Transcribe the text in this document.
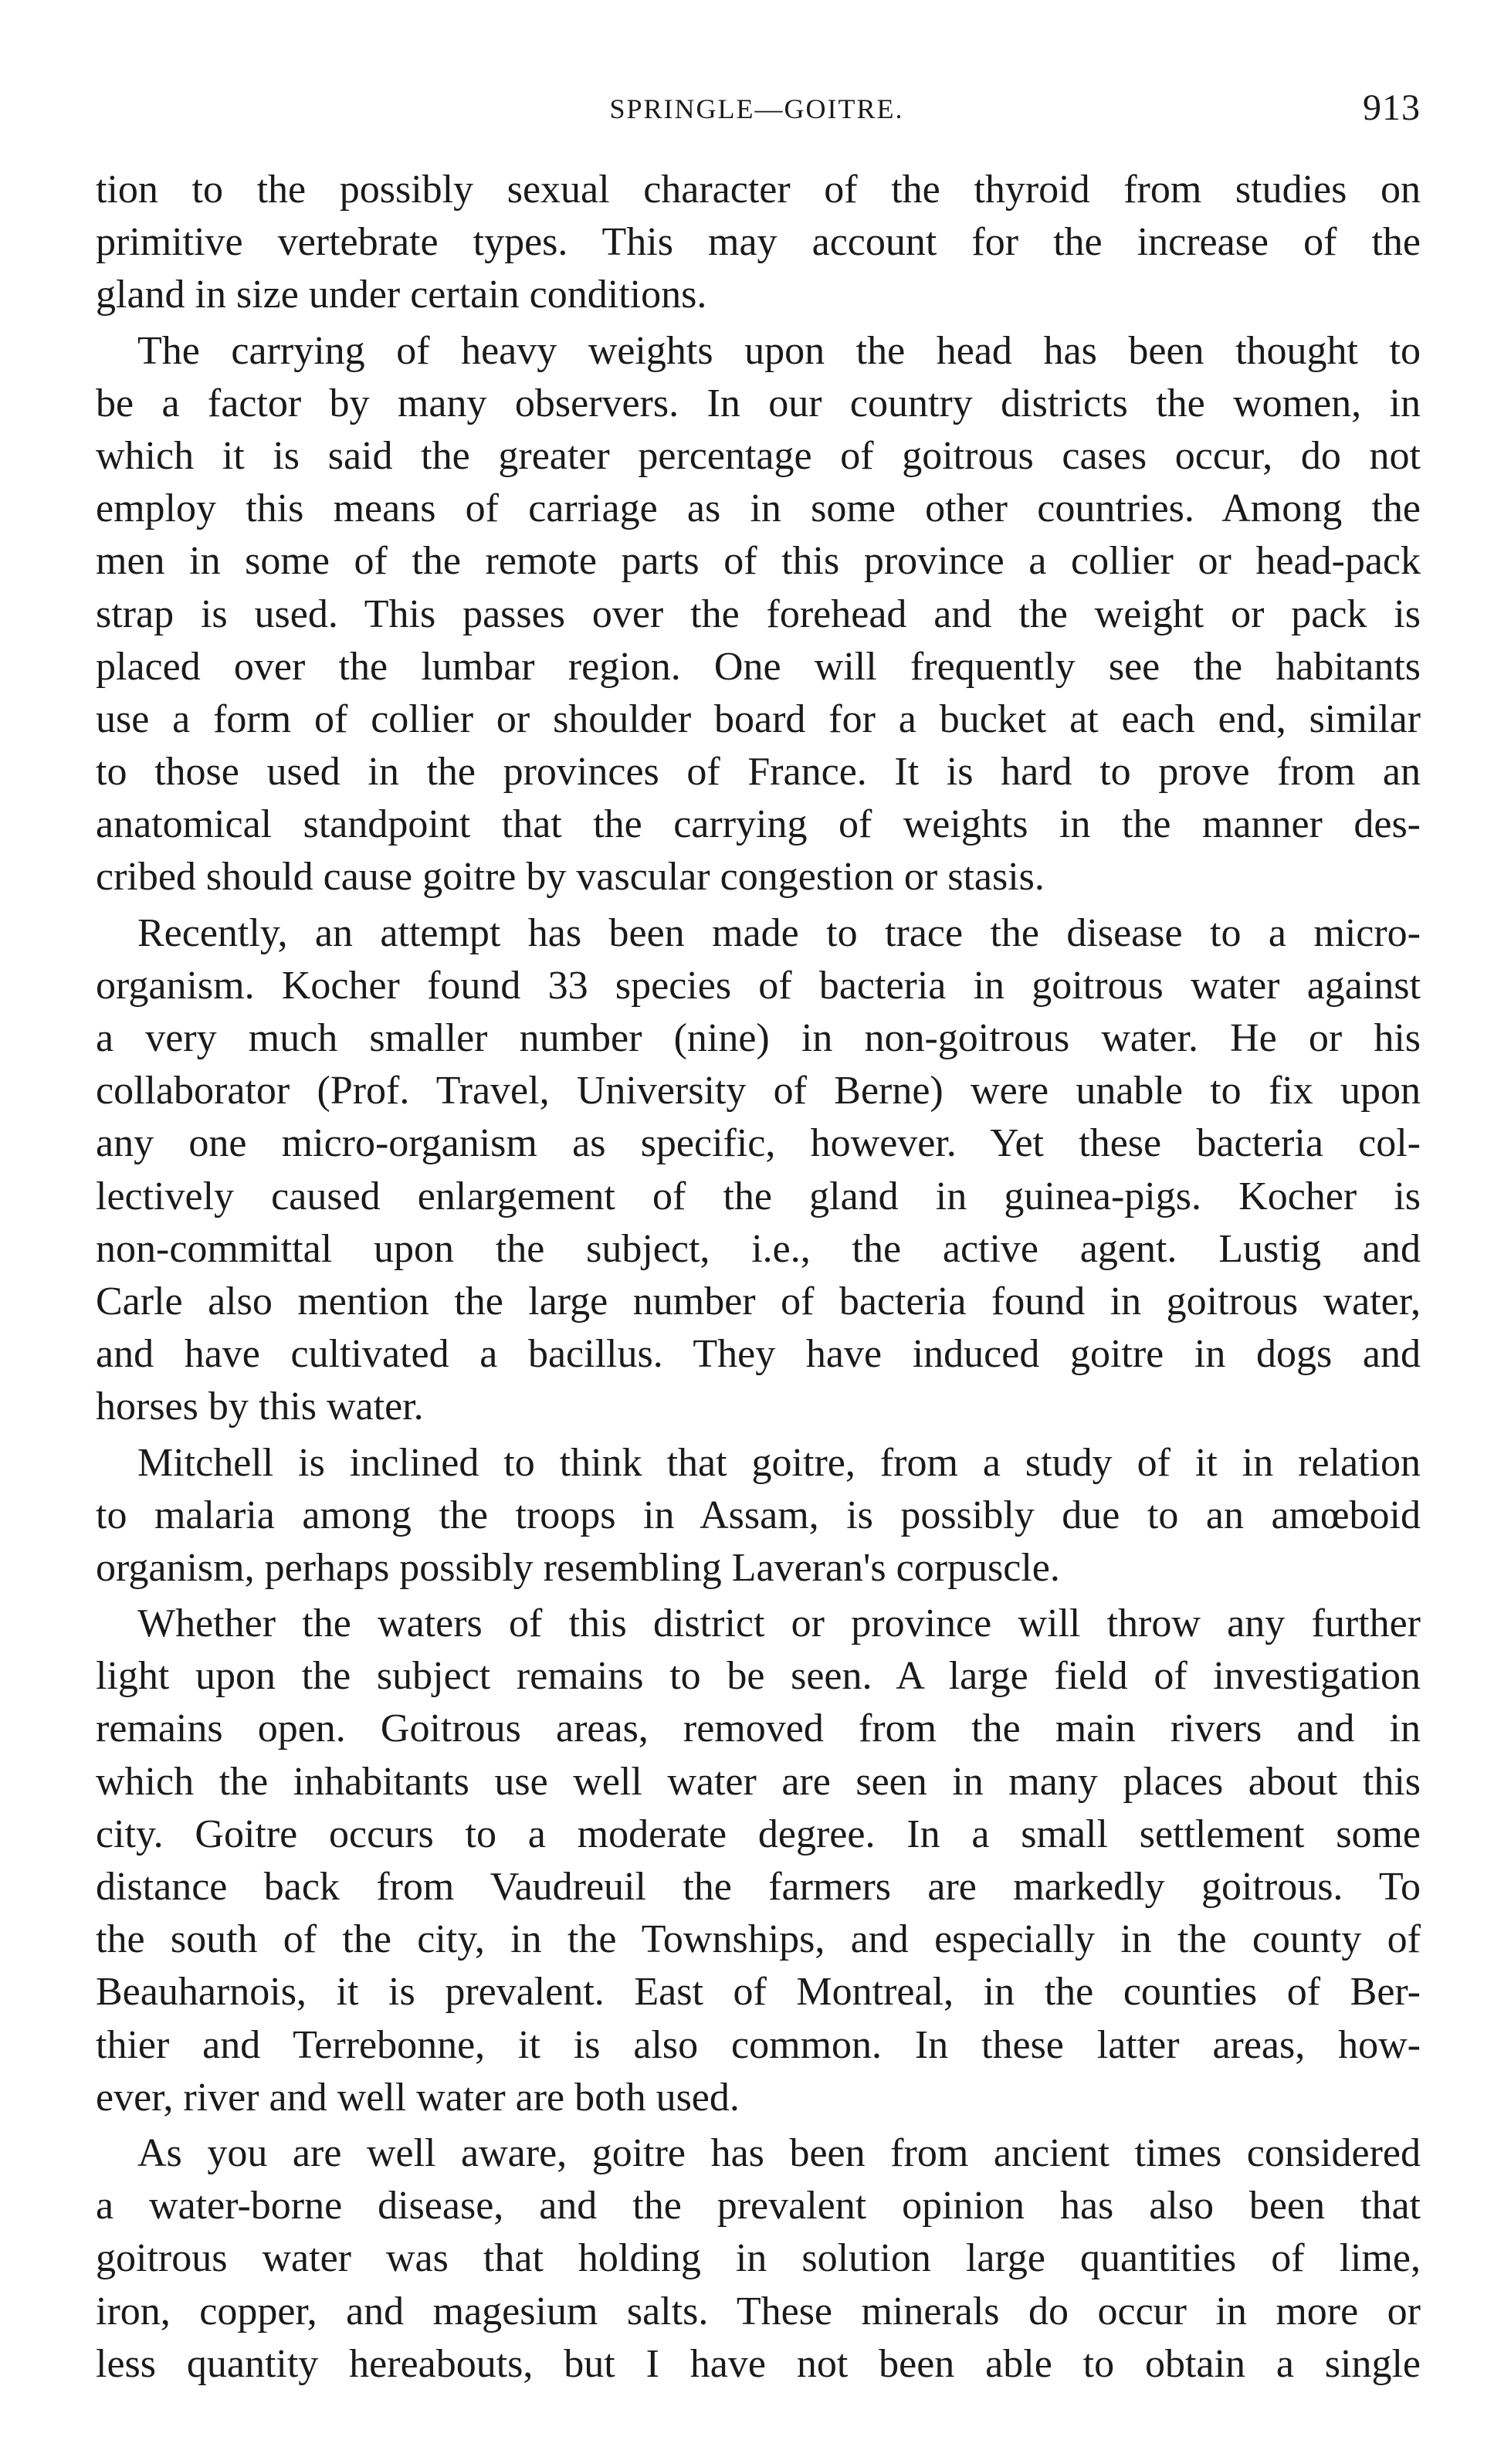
SPRINGLE—GOITRE.	913
tion to the possibly sexual character of the thyroid from studies on
primitive vertebrate types. This may account for the increase of the
gland in size under certain conditions.
The carrying of heavy weights upon the head has been thought to
be a factor by many observers. In our country districts the women, in
which it is said the greater percentage of goitrous cases occur, do not
employ this means of carriage as in some other countries. Among the
men in some of the remote parts of this province a collier or head-pack
strap is used. This passes over the forehead and the weight or pack is
placed over the lumbar region. One will frequently see the habitants
use a form of collier or shoulder board for a bucket at each end, similar
to those used in the provinces of France. It is hard to prove from an
anatomical standpoint that the carrying of weights in the manner des-
cribed should cause goitre by vascular congestion or stasis.
Recently, an attempt has been made to trace the disease to a micro-
organism. Kocher found 33 species of bacteria in goitrous water against
a very much smaller number (nine) in non-goitrous water. He or his
collaborator (Prof. Travel, University of Berne) were unable to fix upon
any one micro-organism as specific, however. Yet these bacteria col-
lectively caused enlargement of the gland in guinea-pigs. Kocher is
non-committal upon the subject, i.e., the active agent. Lustig and
Carle also mention the large number of bacteria found in goitrous water,
and have cultivated a bacillus. They have induced goitre in dogs and
horses by this water.
Mitchell is inclined to think that goitre, from a study of it in relation
to malaria among the troops in Assam, is possibly due to an amœboid
organism, perhaps possibly resembling Laveran's corpuscle.
Whether the waters of this district or province will throw any further
light upon the subject remains to be seen. A large field of investigation
remains open. Goitrous areas, removed from the main rivers and in
which the inhabitants use well water are seen in many places about this
city. Goitre occurs to a moderate degree. In a small settlement some
distance back from Vaudreuil the farmers are markedly goitrous. To
the south of the city, in the Townships, and especially in the county of
Beauharnois, it is prevalent. East of Montreal, in the counties of Ber-
thier and Terrebonne, it is also common. In these latter areas, how-
ever, river and well water are both used.
As you are well aware, goitre has been from ancient times considered
a water-borne disease, and the prevalent opinion has also been that
goitrous water was that holding in solution large quantities of lime,
iron, copper, and magesium salts. These minerals do occur in more or
less quantity hereabouts, but I have not been able to obtain a single
